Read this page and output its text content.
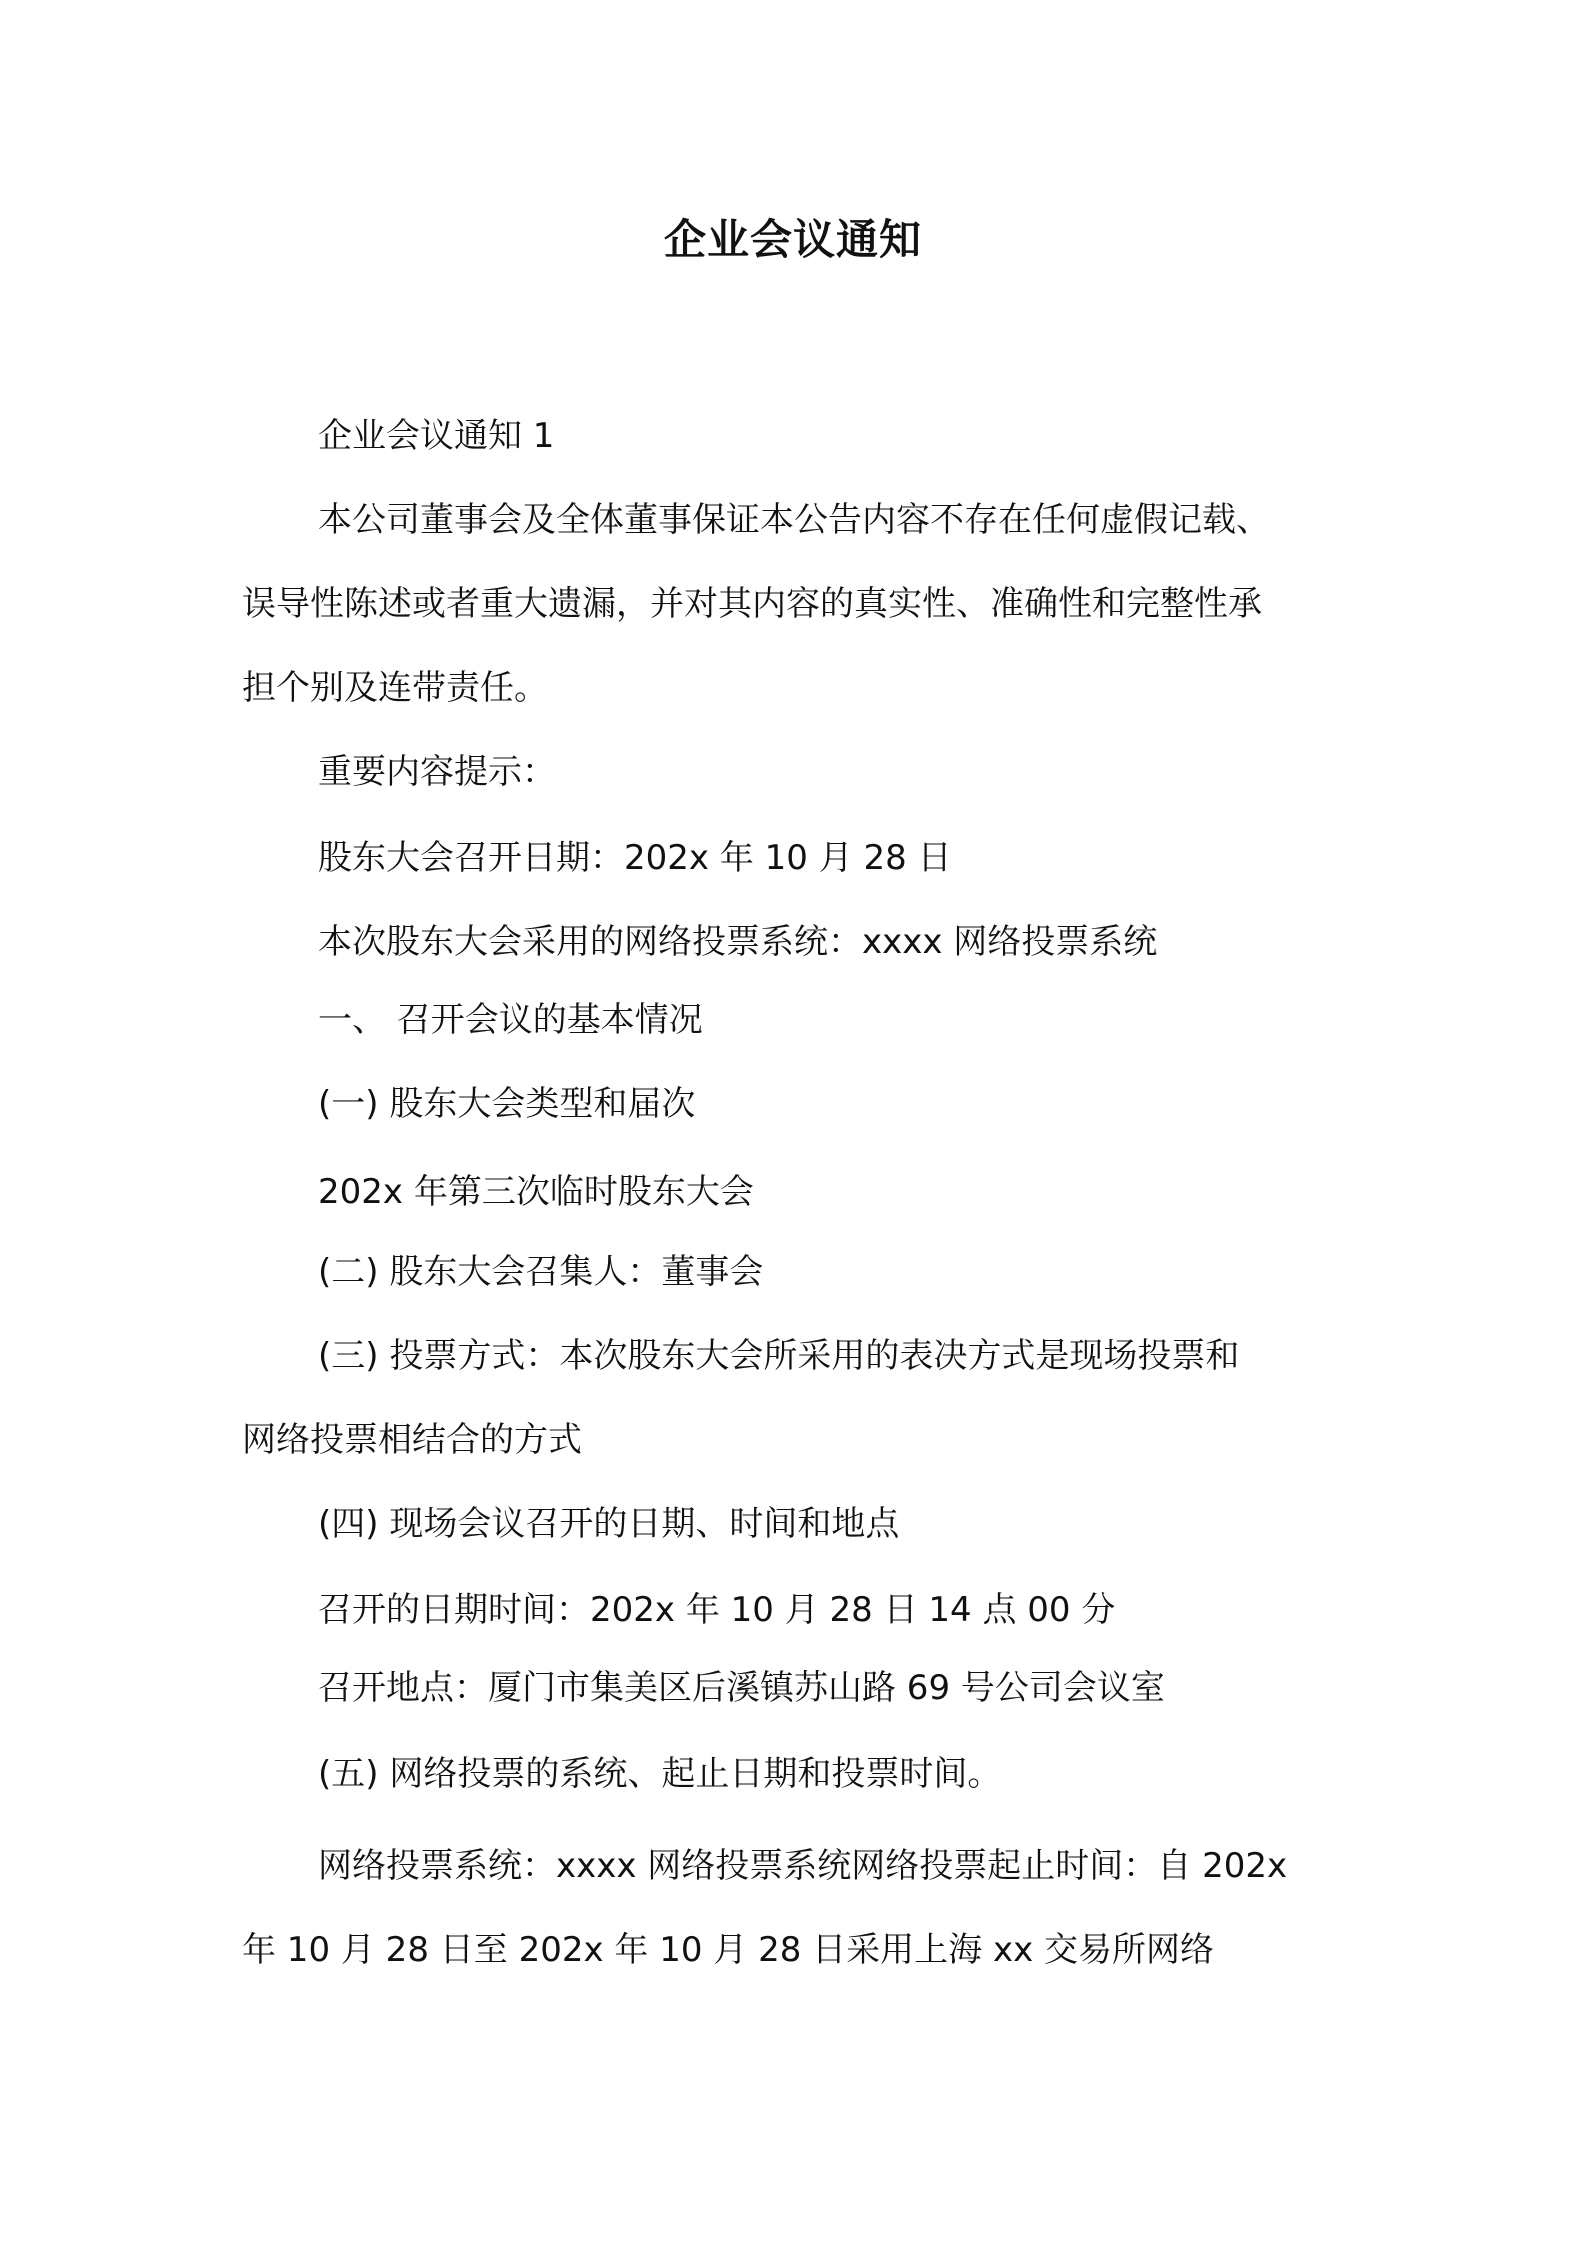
企业会议通知
企业会议通知 1
本公司董事会及全体董事保证本公告内容不存在任何虚假记载、
误导性陈述或者重大遗漏，并对其内容的真实性、准确性和完整性承
担个别及连带责任。
重要内容提示：
股东大会召开日期：202x 年 10 月 28 日
本次股东大会采用的网络投票系统：xxxx 网络投票系统
一、 召开会议的基本情况
(一) 股东大会类型和届次
202x 年第三次临时股东大会
(二) 股东大会召集人：董事会
(三) 投票方式：本次股东大会所采用的表决方式是现场投票和
网络投票相结合的方式
(四) 现场会议召开的日期、时间和地点
召开的日期时间：202x 年 10 月 28 日 14 点 00 分
召开地点：厦门市集美区后溪镇苏山路 69 号公司会议室
(五) 网络投票的系统、起止日期和投票时间。
网络投票系统：xxxx 网络投票系统网络投票起止时间：自 202x
年 10 月 28 日至 202x 年 10 月 28 日采用上海 xx 交易所网络
